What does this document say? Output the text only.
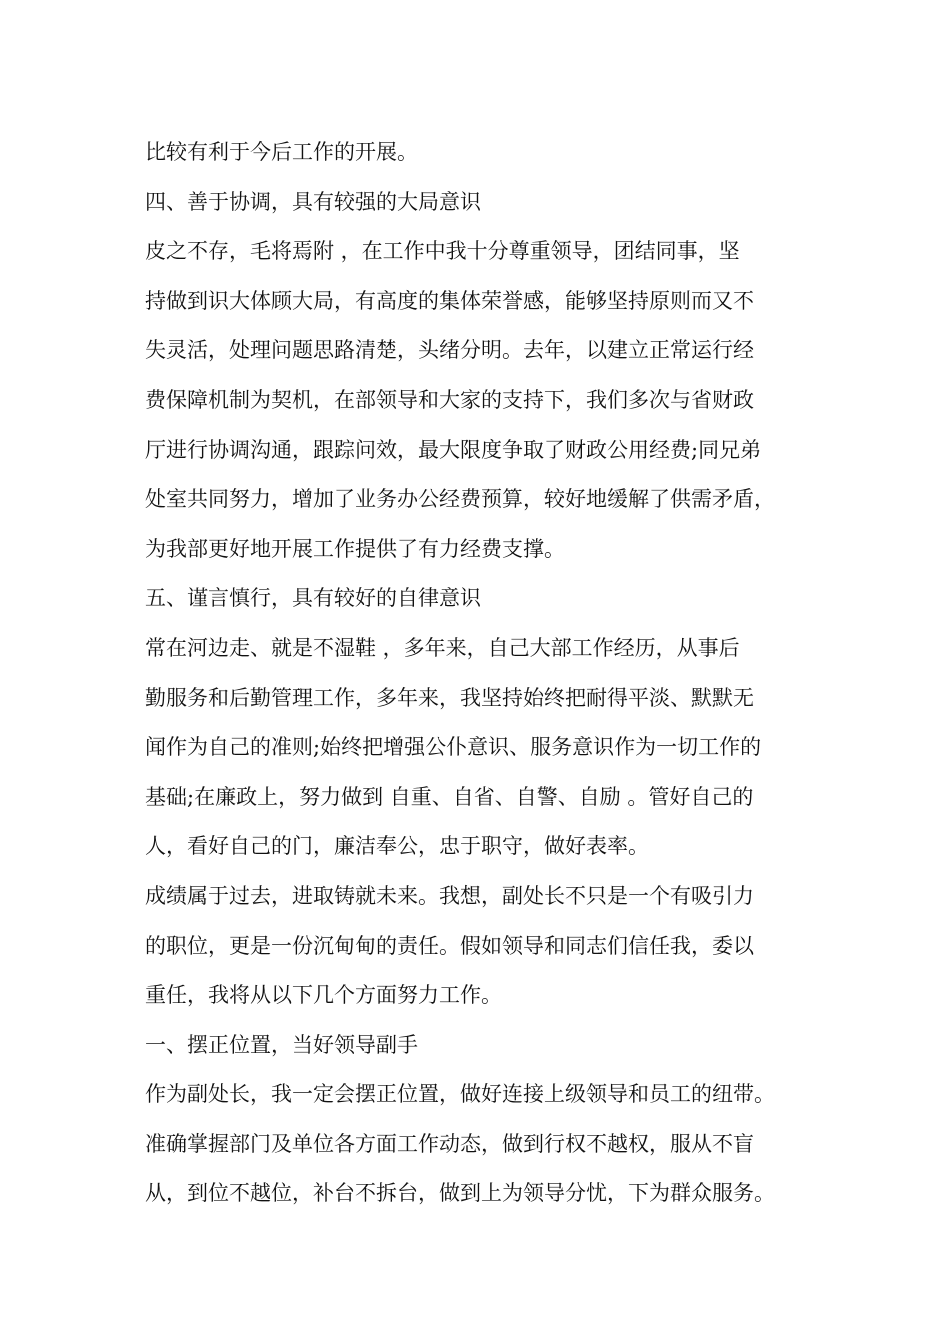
比较有利于今后工作的开展。
四、善于协调，具有较强的大局意识
皮之不存，毛将焉附 ，在工作中我十分尊重领导，团结同事，坚
持做到识大体顾大局，有高度的集体荣誉感，能够坚持原则而又不
失灵活，处理问题思路清楚，头绪分明。去年，以建立正常运行经
费保障机制为契机，在部领导和大家的支持下，我们多次与省财政
厅进行协调沟通，跟踪问效，最大限度争取了财政公用经费;同兄弟
处室共同努力，增加了业务办公经费预算，较好地缓解了供需矛盾，
为我部更好地开展工作提供了有力经费支撑。
五、谨言慎行，具有较好的自律意识
常在河边走、就是不湿鞋 ，多年来，自己大部工作经历，从事后
勤服务和后勤管理工作，多年来，我坚持始终把耐得平淡、默默无
闻作为自己的准则;始终把增强公仆意识、服务意识作为一切工作的
基础;在廉政上，努力做到 自重、自省、自警、自励 。管好自己的
人，看好自己的门，廉洁奉公，忠于职守，做好表率。
成绩属于过去，进取铸就未来。我想，副处长不只是一个有吸引力
的职位，更是一份沉甸甸的责任。假如领导和同志们信任我，委以
重任，我将从以下几个方面努力工作。
一、摆正位置，当好领导副手
作为副处长，我一定会摆正位置，做好连接上级领导和员工的纽带。
准确掌握部门及单位各方面工作动态，做到行权不越权，服从不盲
从，到位不越位，补台不拆台，做到上为领导分忧，下为群众服务。
